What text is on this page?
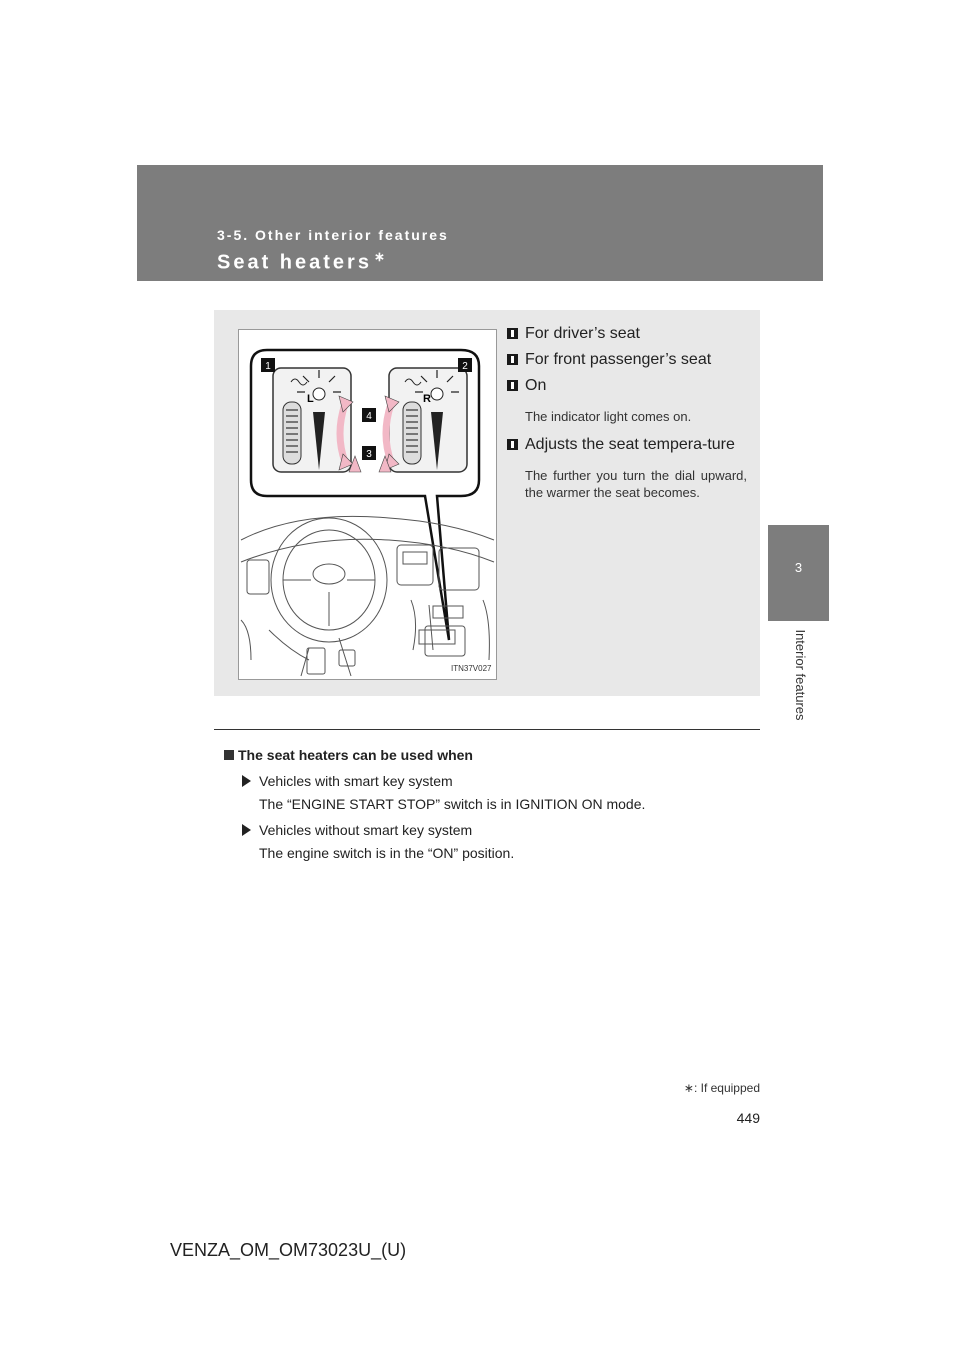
3-5. Other interior features
Seat heaters ∗
3
Interior features
L	R
1	2
3
4
ITN37V027
For driver’s seat
For front passenger’s seat
On
The indicator light comes on.
Adjusts the seat tempera-ture
The further you turn the dial upward, the warmer the seat becomes.
The seat heaters can be used when
Vehicles with smart key system
The “ENGINE START STOP” switch is in IGNITION ON mode.
Vehicles without smart key system
The engine switch is in the “ON” position.
∗: If equipped
449
VENZA_OM_OM73023U_(U)
